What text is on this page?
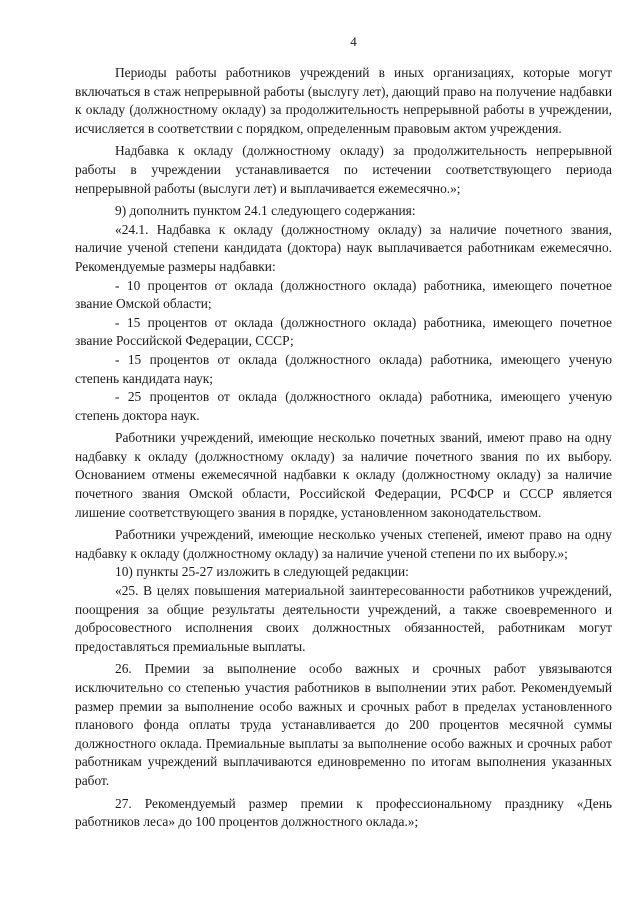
4

Периоды работы работников учреждений в иных организациях, которые могут включаться в стаж непрерывной работы (выслугу лет), дающий право на получение надбавки к окладу (должностному окладу) за продолжительность непрерывной работы в учреждении, исчисляется в соответствии с порядком, определенным правовым актом учреждения.

Надбавка к окладу (должностному окладу) за продолжительность непрерывной работы в учреждении устанавливается по истечении соответствующего периода непрерывной работы (выслуги лет) и выплачивается ежемесячно.»;

9) дополнить пунктом 24.1 следующего содержания:

«24.1. Надбавка к окладу (должностному окладу) за наличие почетного звания, наличие ученой степени кандидата (доктора) наук выплачивается работникам ежемесячно. Рекомендуемые размеры надбавки:

- 10 процентов от оклада (должностного оклада) работника, имеющего почетное звание Омской области;

- 15 процентов от оклада (должностного оклада) работника, имеющего почетное звание Российской Федерации, СССР;

- 15 процентов от оклада (должностного оклада) работника, имеющего ученую степень кандидата наук;

- 25 процентов от оклада (должностного оклада) работника, имеющего ученую степень доктора наук.

Работники учреждений, имеющие несколько почетных званий, имеют право на одну надбавку к окладу (должностному окладу) за наличие почетного звания по их выбору. Основанием отмены ежемесячной надбавки к окладу (должностному окладу) за наличие почетного звания Омской области, Российской Федерации, РСФСР и СССР является лишение соответствующего звания в порядке, установленном законодательством.

Работники учреждений, имеющие несколько ученых степеней, имеют право на одну надбавку к окладу (должностному окладу) за наличие ученой степени по их выбору.»;

10) пункты 25-27 изложить в следующей редакции:

«25. В целях повышения материальной заинтересованности работников учреждений, поощрения за общие результаты деятельности учреждений, а также своевременного и добросовестного исполнения своих должностных обязанностей, работникам могут предоставляться премиальные выплаты.

26. Премии за выполнение особо важных и срочных работ увязываются исключительно со степенью участия работников в выполнении этих работ. Рекомендуемый размер премии за выполнение особо важных и срочных работ в пределах установленного планового фонда оплаты труда устанавливается до 200 процентов месячной суммы должностного оклада. Премиальные выплаты за выполнение особо важных и срочных работ работникам учреждений выплачиваются единовременно по итогам выполнения указанных работ.

27. Рекомендуемый размер премии к профессиональному празднику «День работников леса» до 100 процентов должностного оклада.»;
